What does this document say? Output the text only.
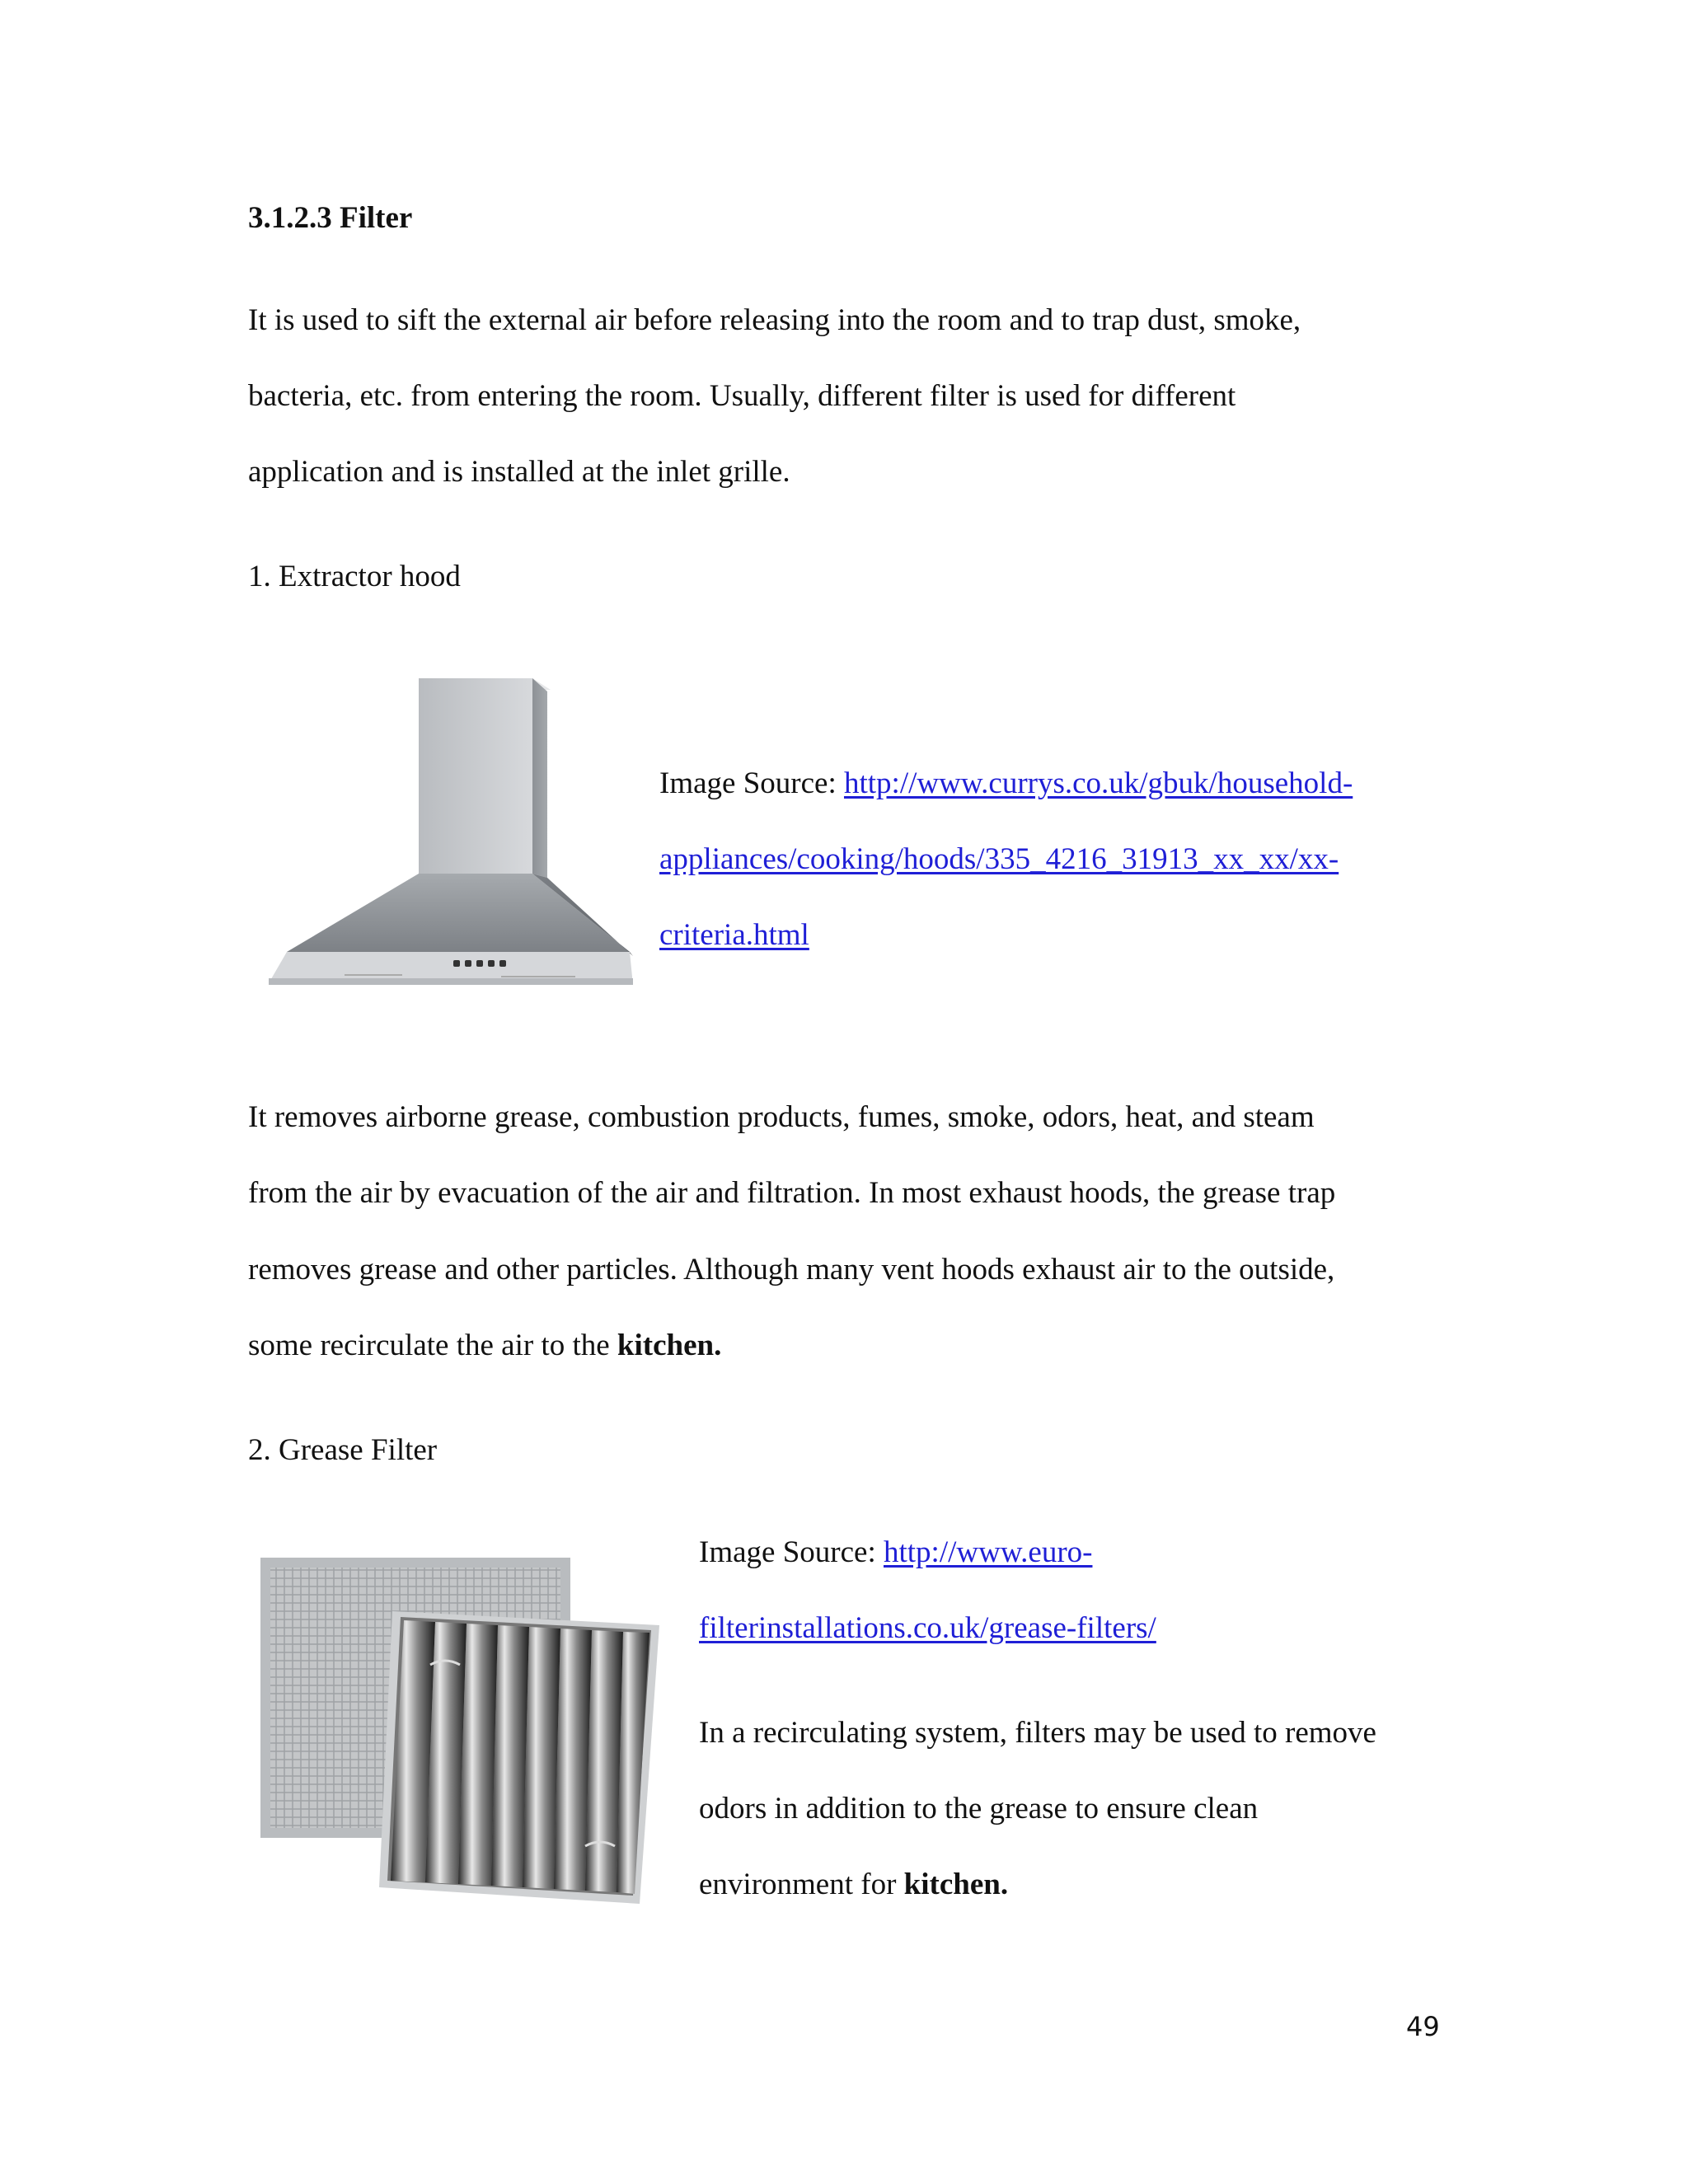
3.1.2.3 Filter
It is used to sift the external air before releasing into the room and to trap dust, smoke,
bacteria, etc. from entering the room. Usually, different filter is used for different
application and is installed at the inlet grille.
1. Extractor hood
Image Source: http://www.currys.co.uk/gbuk/household-
appliances/cooking/hoods/335_4216_31913_xx_xx/xx-
criteria.html
It removes airborne grease, combustion products, fumes, smoke, odors, heat, and steam
from the air by evacuation of the air and filtration. In most exhaust hoods, the grease trap
removes grease and other particles. Although many vent hoods exhaust air to the outside,
some recirculate the air to the kitchen.
2. Grease Filter
Image Source: http://www.euro-
filterinstallations.co.uk/grease-filters/
In a recirculating system, filters may be used to remove
odors in addition to the grease to ensure clean
environment for kitchen.
49
